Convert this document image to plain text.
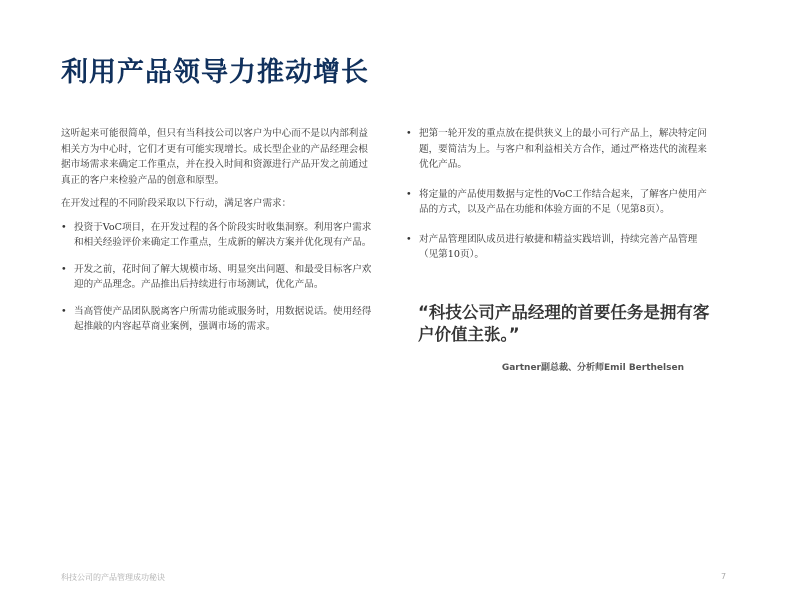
利用产品领导力推动增长

这听起来可能很简单，但只有当科技公司以客户为中心而不是以内部利益相关方为中心时，它们才更有可能实现增长。成长型企业的产品经理会根据市场需求来确定工作重点，并在投入时间和资源进行产品开发之前通过真正的客户来检验产品的创意和原型。

在开发过程的不同阶段采取以下行动，满足客户需求：

• 投资于VoC项目，在开发过程的各个阶段实时收集洞察。利用客户需求和相关经验评价来确定工作重点，生成新的解决方案并优化现有产品。
• 开发之前，花时间了解大规模市场、明显突出问题、和最受目标客户欢迎的产品理念。产品推出后持续进行市场测试，优化产品。
• 当高管使产品团队脱离客户所需功能或服务时，用数据说话。使用经得起推敲的内容起草商业案例，强调市场的需求。
• 把第一轮开发的重点放在提供狭义上的最小可行产品上，解决特定问题，要简洁为上。与客户和利益相关方合作，通过严格迭代的流程来优化产品。
• 将定量的产品使用数据与定性的VoC工作结合起来，了解客户使用产品的方式，以及产品在功能和体验方面的不足（见第8页）。
• 对产品管理团队成员进行敏捷和精益实践培训，持续完善产品管理（见第10页）。
“科技公司产品经理的首要任务是拥有客户价值主张。”
Gartner副总裁、分析师Emil Berthelsen
科技公司的产品管理成功秘诀	7
